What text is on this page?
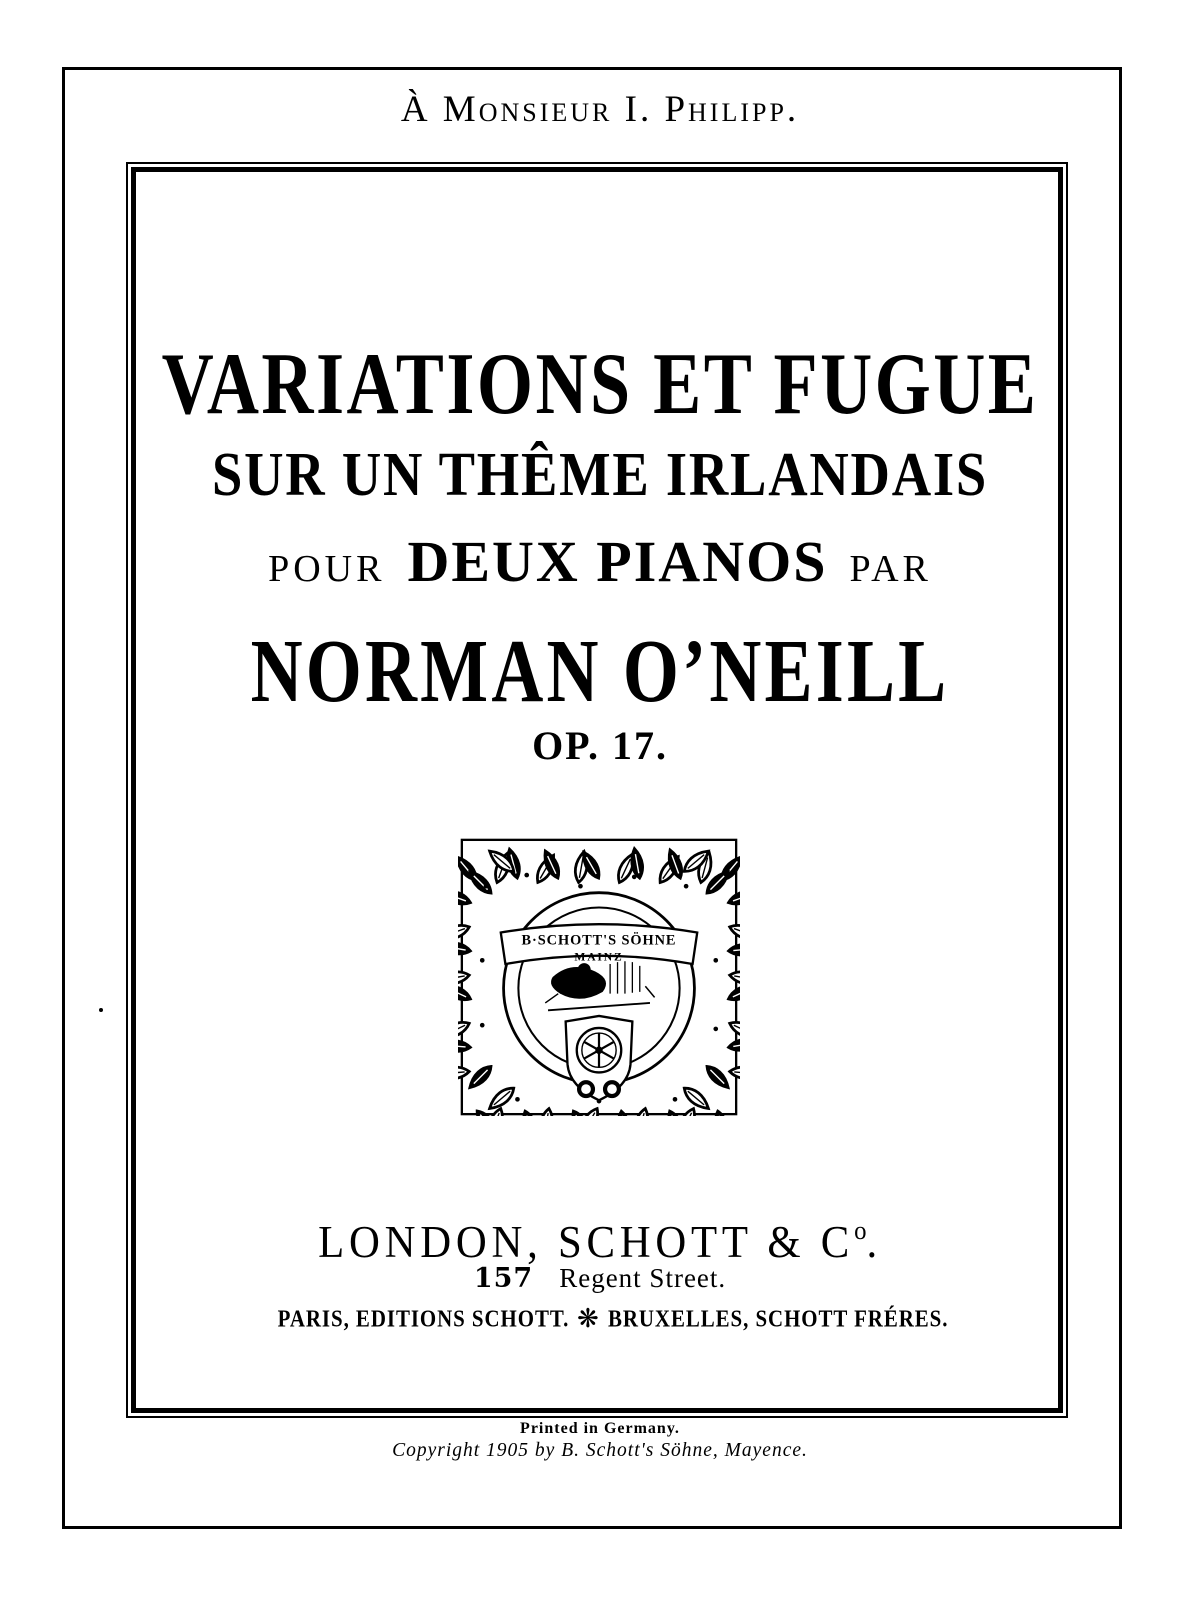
À Monsieur I. Philipp.
VARIATIONS ET FUGUE
SUR UN THÊME IRLANDAIS
POUR DEUX PIANOS PAR
NORMAN O’NEILL
OP. 17.
B·SCHOTT'S SÖHNE
·MAINZ·
LONDON, SCHOTT & $C^o$.
157 Regent Street.
PARIS, EDITIONS SCHOTT. ❋ BRUXELLES, SCHOTT FRÉRES.
Printed in Germany.
Copyright 1905 by B. Schott's Söhne, Mayence.
